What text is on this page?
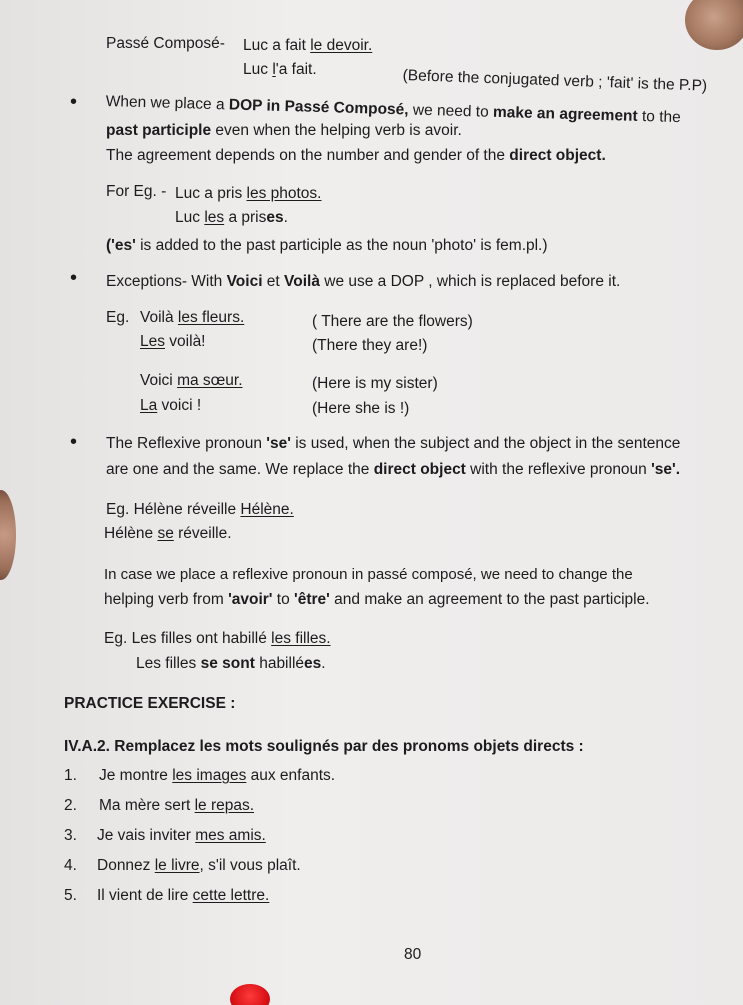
Passé Composé- Luc a fait le devoir.
Luc l'a fait.	(Before the conjugated verb ; 'fait' is the P.P)
• When we place a DOP in Passé Composé, we need to make an agreement to the
past participle even when the helping verb is avoir.
The agreement depends on the number and gender of the direct object.
For Eg. - Luc a pris les photos.
Luc les a prises.
('es' is added to the past participle as the noun 'photo' is fem.pl.)
• Exceptions- With Voici et Voilà we use a DOP , which is replaced before it.
Eg. Voilà les fleurs.	( There are the flowers)
Les voilà!	(There they are!)
Voici ma sœur.	(Here is my sister)
La voici !	(Here she is !)
• The Reflexive pronoun 'se' is used, when the subject and the object in the sentence
are one and the same. We replace the direct object with the reflexive pronoun 'se'.
Eg. Hélène réveille Hélène.
Hélène se réveille.
In case we place a reflexive pronoun in passé composé, we need to change the
helping verb from 'avoir' to 'être' and make an agreement to the past participle.
Eg. Les filles ont habillé les filles.
Les filles se sont habillées.
PRACTICE EXERCISE :
IV.A.2. Remplacez les mots soulignés par des pronoms objets directs :
1. Je montre les images aux enfants.
2. Ma mère sert le repas.
3. Je vais inviter mes amis.
4. Donnez le livre, s'il vous plaît.
5. Il vient de lire cette lettre.
80
